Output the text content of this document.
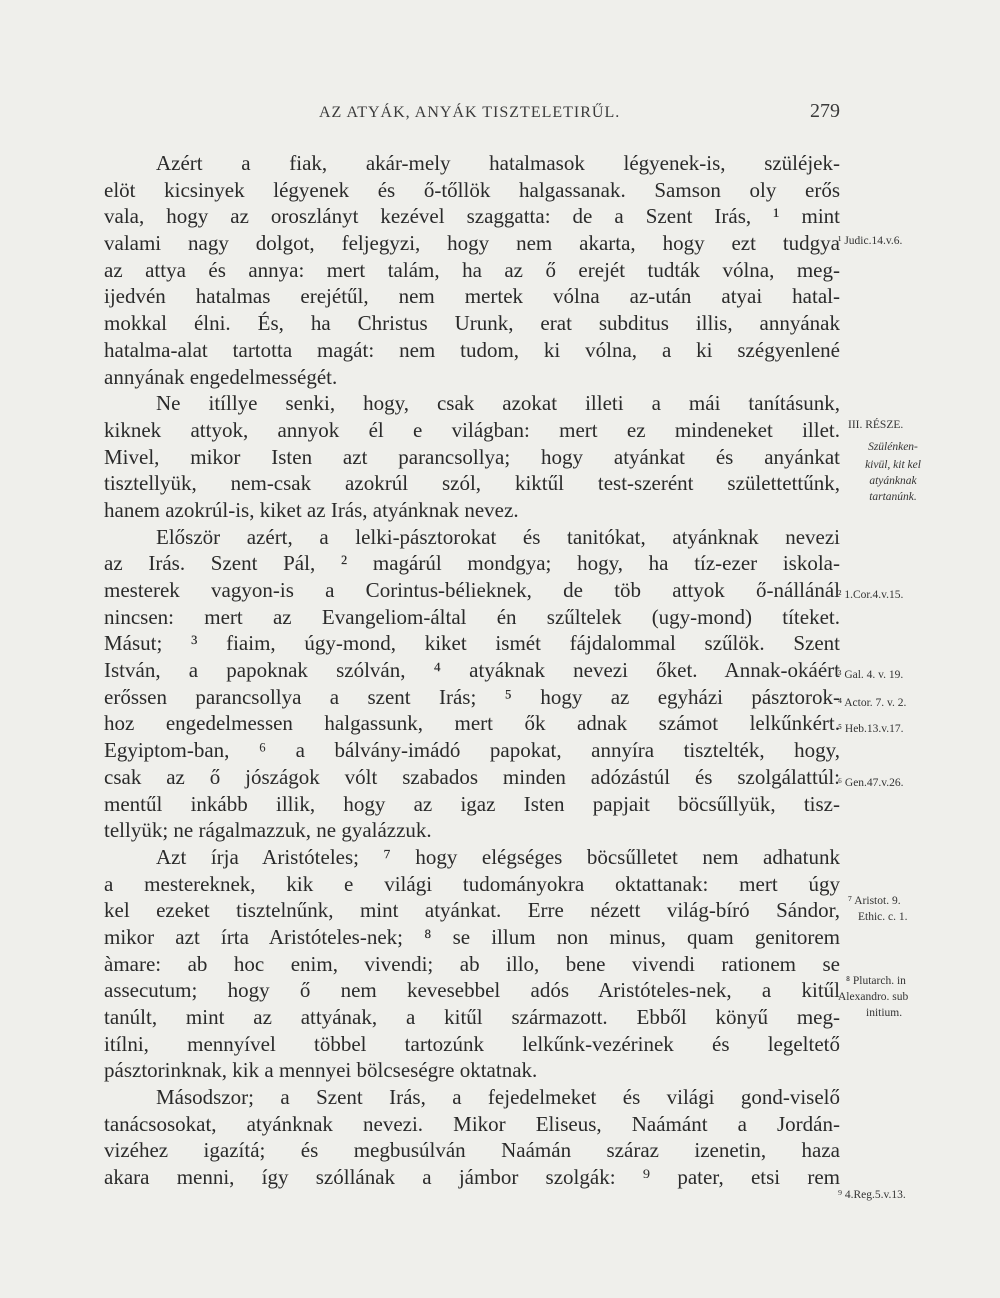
AZ ATYÁK, ANYÁK TISZTELETIRŰL.	279
Azért a fiak, akár-mely hatalmasok légyenek-is, szüléjek-
elöt kicsinyek légyenek és ő-tőllök halgassanak. Samson oly erős
vala, hogy az oroszlányt kezével szaggatta: de a Szent Irás, ¹ mint
valami nagy dolgot, feljegyzi, hogy nem akarta, hogy ezt tudgya
az attya és annya: mert talám, ha az ő erejét tudták vólna, meg-
ijedvén hatalmas erejétűl, nem mertek vólna az-után atyai hatal-
mokkal élni. És, ha Christus Urunk, erat subditus illis, annyának
hatalma-alat tartotta magát: nem tudom, ki vólna, a ki szégyenlené
annyának engedelmességét.
Ne itíllye senki, hogy, csak azokat illeti a mái tanításunk,
kiknek attyok, annyok él e világban: mert ez mindeneket illet.
Mivel, mikor Isten azt parancsollya; hogy atyánkat és anyánkat
tisztellyük, nem-csak azokrúl szól, kiktűl test-szerént születtettűnk,
hanem azokrúl-is, kiket az Irás, atyánknak nevez.
Először azért, a lelki-pásztorokat és tanitókat, atyánknak nevezi
az Irás. Szent Pál, ² magárúl mondgya; hogy, ha tíz-ezer iskola-
mesterek vagyon-is a Corintus-bélieknek, de töb attyok ő-nállánál
nincsen: mert az Evangeliom-által én szűltelek (ugy-mond) títeket.
Másut; ³ fiaim, úgy-mond, kiket ismét fájdalommal szűlök. Szent
István, a papoknak szólván, ⁴ atyáknak nevezi őket. Annak-okáért
erőssen parancsollya a szent Irás; ⁵ hogy az egyházi pásztorok-
hoz engedelmessen halgassunk, mert ők adnak számot lelkűnkért.
Egyiptom-ban, ⁶ a bálvány-imádó papokat, annyíra tisztelték, hogy,
csak az ő jószágok vólt szabados minden adózástúl és szolgálattúl:
mentűl inkább illik, hogy az igaz Isten papjait böcsűllyük, tisz-
tellyük; ne rágalmazzuk, ne gyalázzuk.
Azt írja Aristóteles; ⁷ hogy elégséges böcsűlletet nem adhatunk
a mestereknek, kik e világi tudományokra oktattanak: mert úgy
kel ezeket tisztelnűnk, mint atyánkat. Erre nézett világ-bíró Sándor,
mikor azt írta Aristóteles-nek; ⁸ se illum non minus, quam genitorem
àmare: ab hoc enim, vivendi; ab illo, bene vivendi rationem se
assecutum; hogy ő nem kevesebbel adós Aristóteles-nek, a kitűl
tanúlt, mint az attyának, a kitűl származott. Ebből könyű meg-
itílni, mennyível többel tartozúnk lelkűnk-vezérinek és legeltető
pásztorinknak, kik a mennyei bölcseségre oktatnak.
Másodszor; a Szent Irás, a fejedelmeket és világi gond-viselő
tanácsosokat, atyánknak nevezi. Mikor Eliseus, Naámánt a Jordán-
vizéhez igazítá; és megbusúlván Naámán száraz izenetin, haza
akara menni, így szóllának a jámbor szolgák: ⁹ pater, etsi rem
¹ Judic.14.v.6.
III. RÉSZE.
Szülénken-
kivül, kit kel
atyánknak
tartanúnk.
² 1.Cor.4.v.15.
³ Gal. 4. v. 19.
⁴ Actor. 7. v. 2.
⁵ Heb.13.v.17.
⁶ Gen.47.v.26.
⁷ Aristot. 9.
Ethic. c. 1.
⁸ Plutarch. in
Alexandro. sub
initium.
⁹ 4.Reg.5.v.13.
